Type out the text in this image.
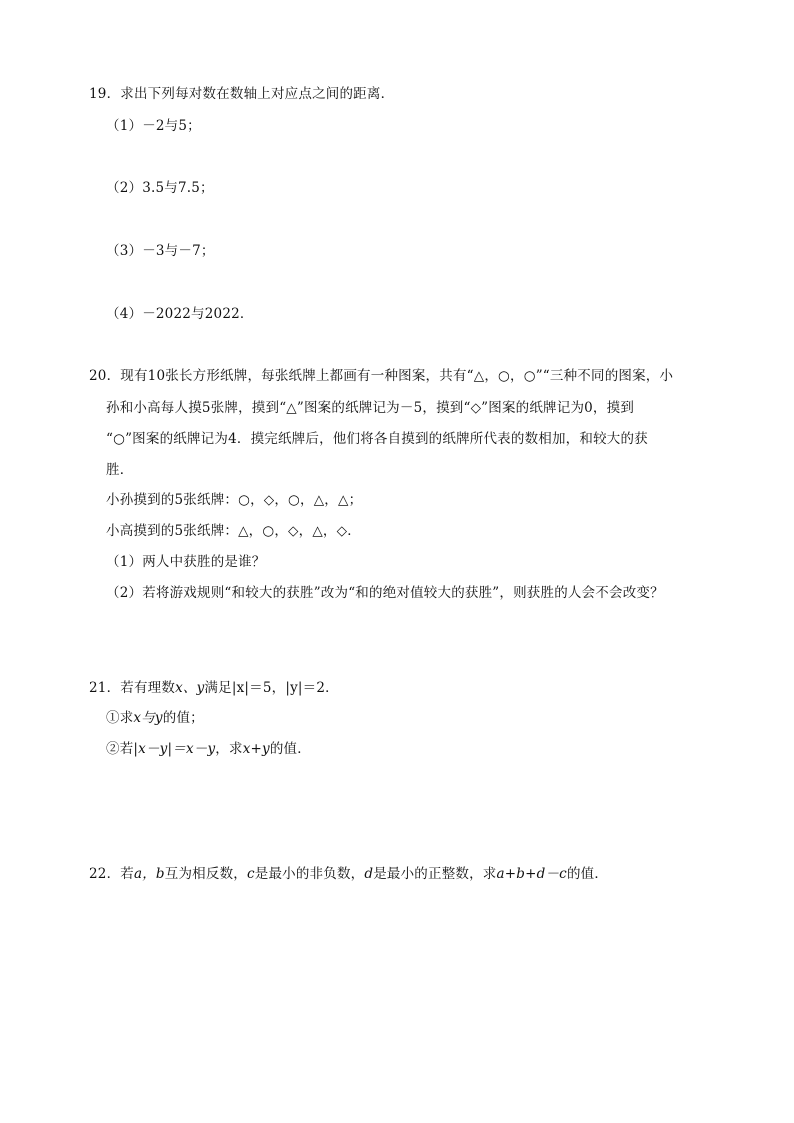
19．求出下列每对数在数轴上对应点之间的距离．
（1）－2与5；
（2）3.5与7.5；
（3）－3与－7；
（4）－2022与2022．
20．现有10张长方形纸牌，每张纸牌上都画有一种图案，共有“△，○，○”“三种不同的图案，小
孙和小高每人摸5张牌，摸到“△”图案的纸牌记为－5，摸到“◇”图案的纸牌记为0，摸到
“○”图案的纸牌记为4．摸完纸牌后，他们将各自摸到的纸牌所代表的数相加，和较大的获
胜．
小孙摸到的5张纸牌：○，◇，○，△，△；
小高摸到的5张纸牌：△，○，◇，△，◇．
（1）两人中获胜的是谁？
（2）若将游戏规则“和较大的获胜”改为“和的绝对值较大的获胜”，则获胜的人会不会改变？
21．若有理数x、y满足|x|＝5，|y|＝2．
①求x与y的值；
②若|x－y|＝x－y，求x+y的值．
22．若a，b互为相反数，c是最小的非负数，d是最小的正整数，求a+b+d－c的值．
